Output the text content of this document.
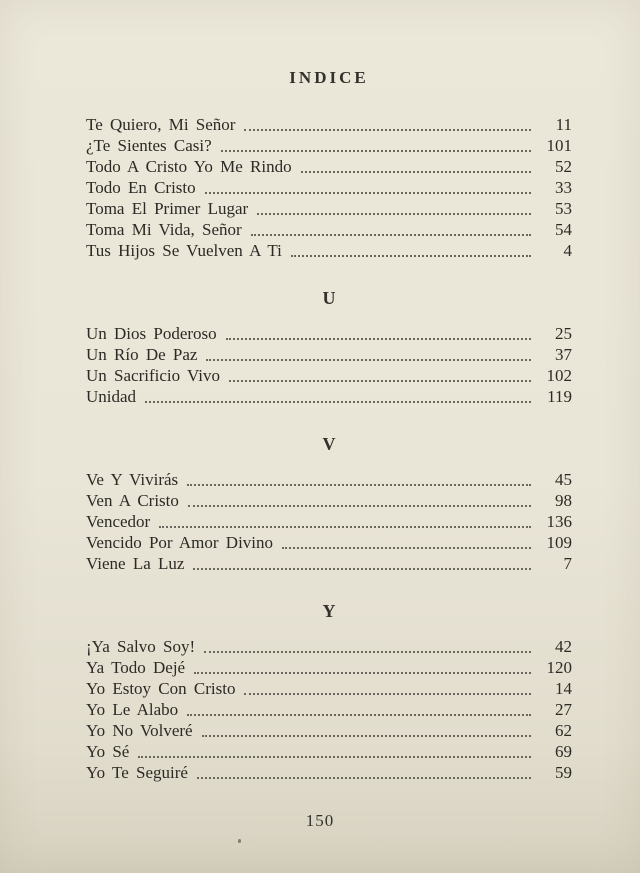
INDICE
Te Quiero, Mi Señor	11
¿Te Sientes Casi?	101
Todo A Cristo Yo Me Rindo	52
Todo En Cristo	33
Toma El Primer Lugar	53
Toma Mi Vida, Señor	54
Tus Hijos Se Vuelven A Ti	4
U
Un Dios Poderoso	25
Un Río De Paz	37
Un Sacrificio Vivo	102
Unidad	119
V
Ve Y Vivirás	45
Ven A Cristo	98
Vencedor	136
Vencido Por Amor Divino	109
Viene La Luz	7
Y
¡Ya Salvo Soy!	42
Ya Todo Dejé	120
Yo Estoy Con Cristo	14
Yo Le Alabo	27
Yo No Volveré	62
Yo Sé	69
Yo Te Seguiré	59
150
